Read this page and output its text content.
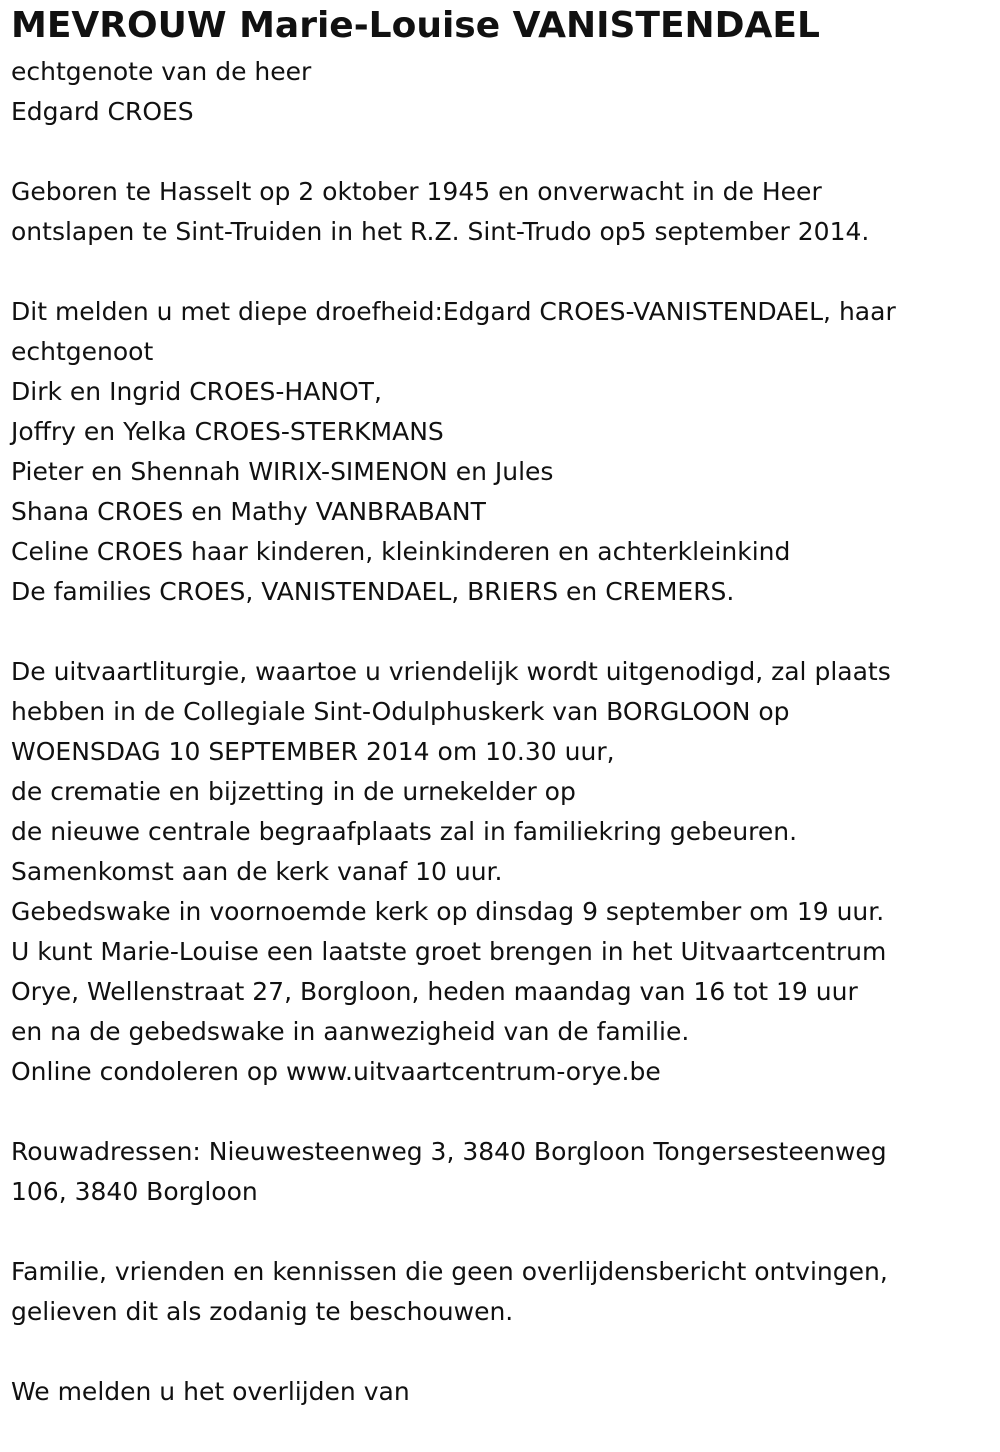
MEVROUW Marie-Louise VANISTENDAEL
echtgenote van de heer
Edgard CROES
Geboren te Hasselt op 2 oktober 1945 en onverwacht in de Heer
ontslapen te Sint-Truiden in het R.Z. Sint-Trudo op5 september 2014.
Dit melden u met diepe droefheid:Edgard CROES-VANISTENDAEL, haar
echtgenoot
Dirk en Ingrid CROES-HANOT,
Joffry en Yelka CROES-STERKMANS
Pieter en Shennah WIRIX-SIMENON en Jules
Shana CROES en Mathy VANBRABANT
Celine CROES haar kinderen, kleinkinderen en achterkleinkind
De families CROES, VANISTENDAEL, BRIERS en CREMERS.
De uitvaartliturgie, waartoe u vriendelijk wordt uitgenodigd, zal plaats
hebben in de Collegiale Sint-Odulphuskerk van BORGLOON op
WOENSDAG 10 SEPTEMBER 2014 om 10.30 uur,
de crematie en bijzetting in de urnekelder op
de nieuwe centrale begraafplaats zal in familiekring gebeuren.
Samenkomst aan de kerk vanaf 10 uur.
Gebedswake in voornoemde kerk op dinsdag 9 september om 19 uur.
U kunt Marie-Louise een laatste groet brengen in het Uitvaartcentrum
Orye, Wellenstraat 27, Borgloon, heden maandag van 16 tot 19 uur
en na de gebedswake in aanwezigheid van de familie.
Online condoleren op www.uitvaartcentrum-orye.be
Rouwadressen: Nieuwesteenweg 3, 3840 Borgloon Tongersesteenweg
106, 3840 Borgloon
Familie, vrienden en kennissen die geen overlijdensbericht ontvingen,
gelieven dit als zodanig te beschouwen.
We melden u het overlijden van
